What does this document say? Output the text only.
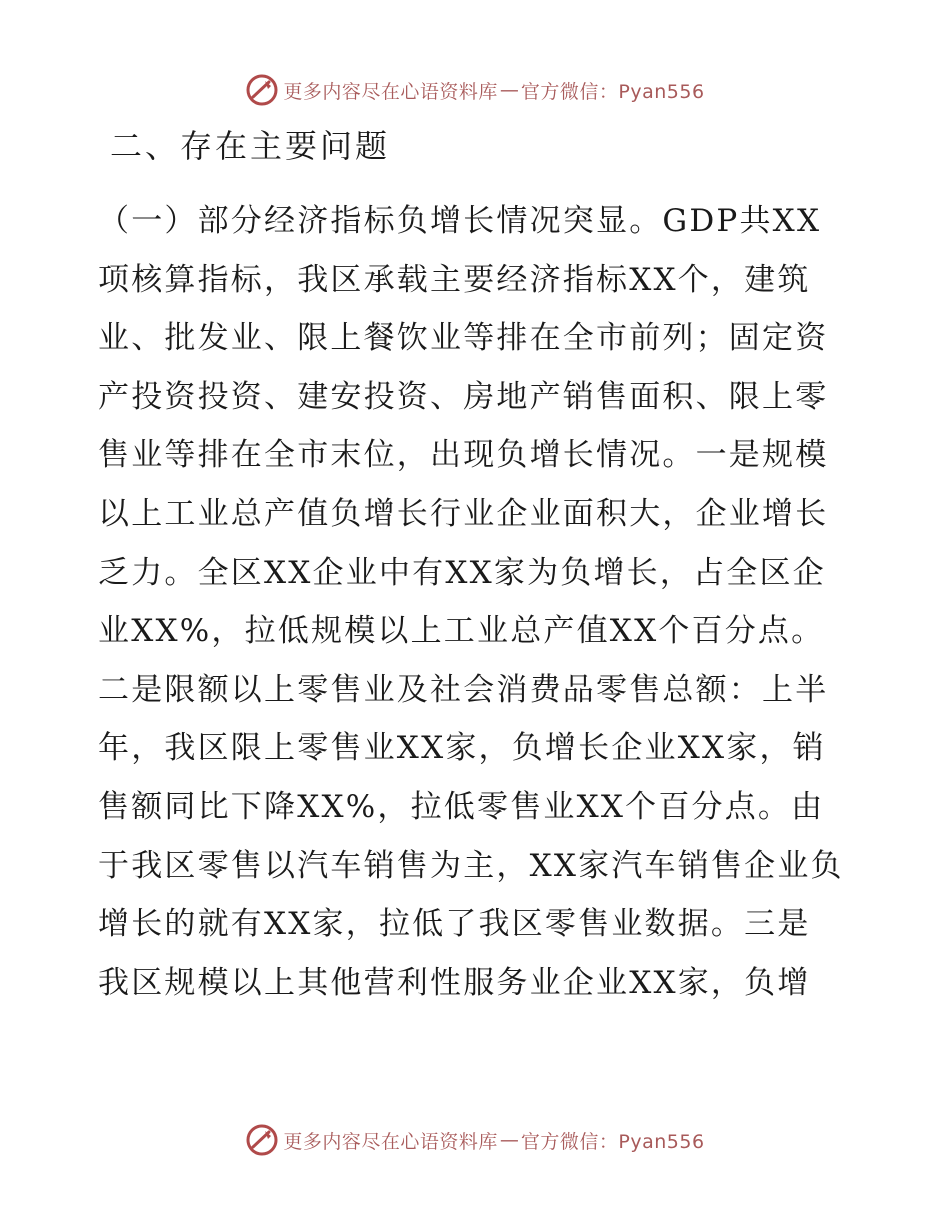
更多内容尽在心语资料库 — 官方微信：Pyan556
二、存在主要问题
（一）部分经济指标负增长情况突显。GDP共XX
项核算指标，我区承载主要经济指标XX个，建筑
业、批发业、限上餐饮业等排在全市前列；固定资
产投资投资、建安投资、房地产销售面积、限上零
售业等排在全市末位，出现负增长情况。一是规模
以上工业总产值负增长行业企业面积大，企业增长
乏力。全区XX企业中有XX家为负增长，占全区企
业XX%，拉低规模以上工业总产值XX个百分点。
二是限额以上零售业及社会消费品零售总额：上半
年，我区限上零售业XX家，负增长企业XX家，销
售额同比下降XX%，拉低零售业XX个百分点。由
于我区零售以汽车销售为主，XX家汽车销售企业负
增长的就有XX家，拉低了我区零售业数据。三是
我区规模以上其他营利性服务业企业XX家，负增
更多内容尽在心语资料库 — 官方微信：Pyan556
